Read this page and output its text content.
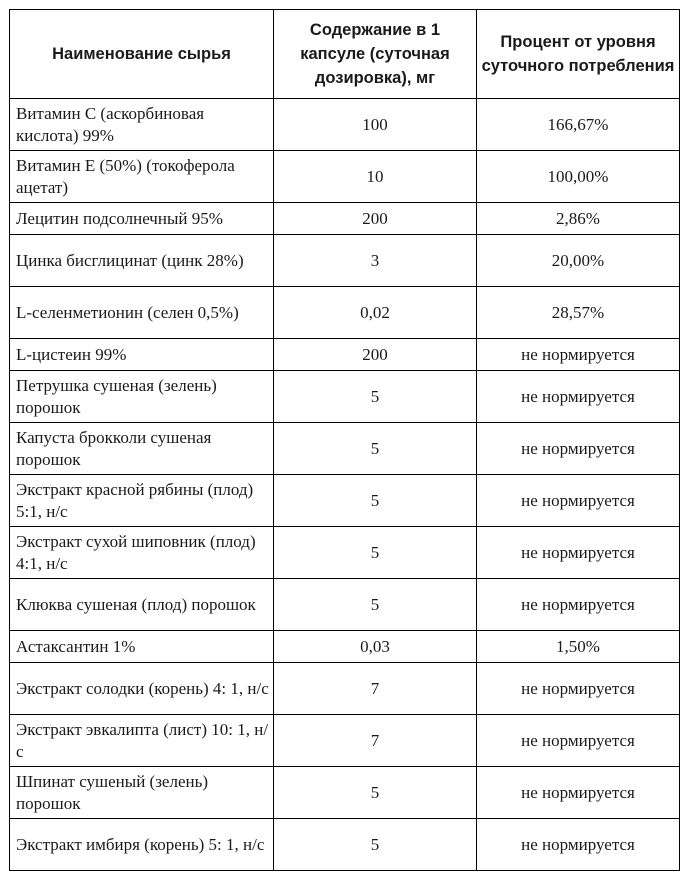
Наименование сырья	Содержание в 1 капсуле (суточная дозировка), мг	Процент от уровня суточного потребления
Витамин С (аскорбиновая кислота) 99%	100	166,67%
Витамин Е (50%) (токоферола ацетат)	10	100,00%
Лецитин подсолнечный 95%	200	2,86%
Цинка бисглицинат (цинк 28%)	3	20,00%
L-селенметионин (селен 0,5%)	0,02	28,57%
L-цистеин 99%	200	не нормируется
Петрушка сушеная (зелень) порошок	5	не нормируется
Капуста брокколи сушеная порошок	5	не нормируется
Экстракт красной рябины (плод) 5:1, н/с	5	не нормируется
Экстракт сухой шиповник (плод) 4:1, н/с	5	не нормируется
Клюква сушеная (плод) порошок	5	не нормируется
Астаксантин 1%	0,03	1,50%
Экстракт солодки (корень) 4: 1, н/с	7	не нормируется
Экстракт эвкалипта (лист) 10: 1, н/с	7	не нормируется
Шпинат сушеный (зелень) порошок	5	не нормируется
Экстракт имбиря (корень) 5: 1, н/с	5	не нормируется
